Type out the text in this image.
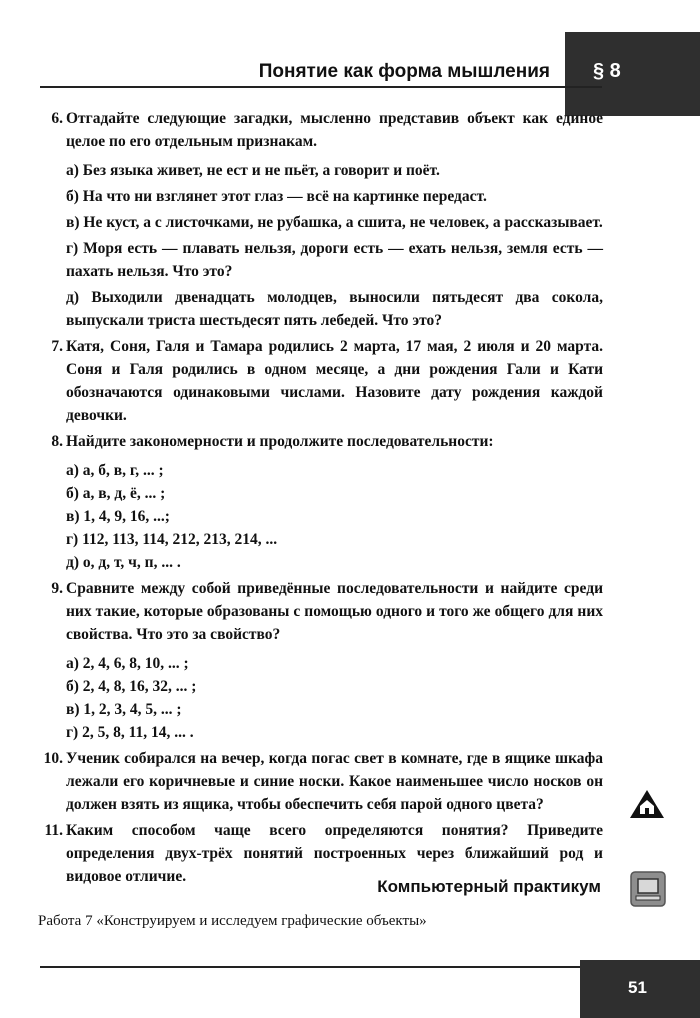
§ 8
Понятие как форма мышления
6. Отгадайте следующие загадки, мысленно представив объект как единое целое по его отдельным признакам.

а) Без языка живет, не ест и не пьёт, а говорит и поёт.
б) На что ни взглянет этот глаз — всё на картинке передаст.
в) Не куст, а с листочками, не рубашка, а сшита, не человек, а рассказывает.
г) Моря есть — плавать нельзя, дороги есть — ехать нельзя, земля есть — пахать нельзя. Что это?
д) Выходили двенадцать молодцев, выносили пятьдесят два сокола, выпускали триста шестьдесят пять лебедей. Что это?
7. Катя, Соня, Галя и Тамара родились 2 марта, 17 мая, 2 июля и 20 марта. Соня и Галя родились в одном месяце, а дни рождения Гали и Кати обозначаются одинаковыми числами. Назовите дату рождения каждой девочки.

8. Найдите закономерности и продолжите последовательности:

а) а, б, в, г, ... ;
б) а, в, д, ё, ... ;
в) 1, 4, 9, 16, ...;
г) 112, 113, 114, 212, 213, 214, ...
д) о, д, т, ч, п, ... .
9. Сравните между собой приведённые последовательности и найдите среди них такие, которые образованы с помощью одного и того же общего для них свойства. Что это за свойство?

а) 2, 4, 6, 8, 10, ... ;
б) 2, 4, 8, 16, 32, ... ;
в) 1, 2, 3, 4, 5, ... ;
г) 2, 5, 8, 11, 14, ... .
10. Ученик собирался на вечер, когда погас свет в комнате, где в ящике шкафа лежали его коричневые и синие носки. Какое наименьшее число носков он должен взять из ящика, чтобы обеспечить себя парой одного цвета?

11. Каким способом чаще всего определяются понятия? Приведите определения двух-трёх понятий построенных через ближайший род и видовое отличие.

Компьютерный практикум
Работа 7 «Конструируем и исследуем графические объекты»
51
